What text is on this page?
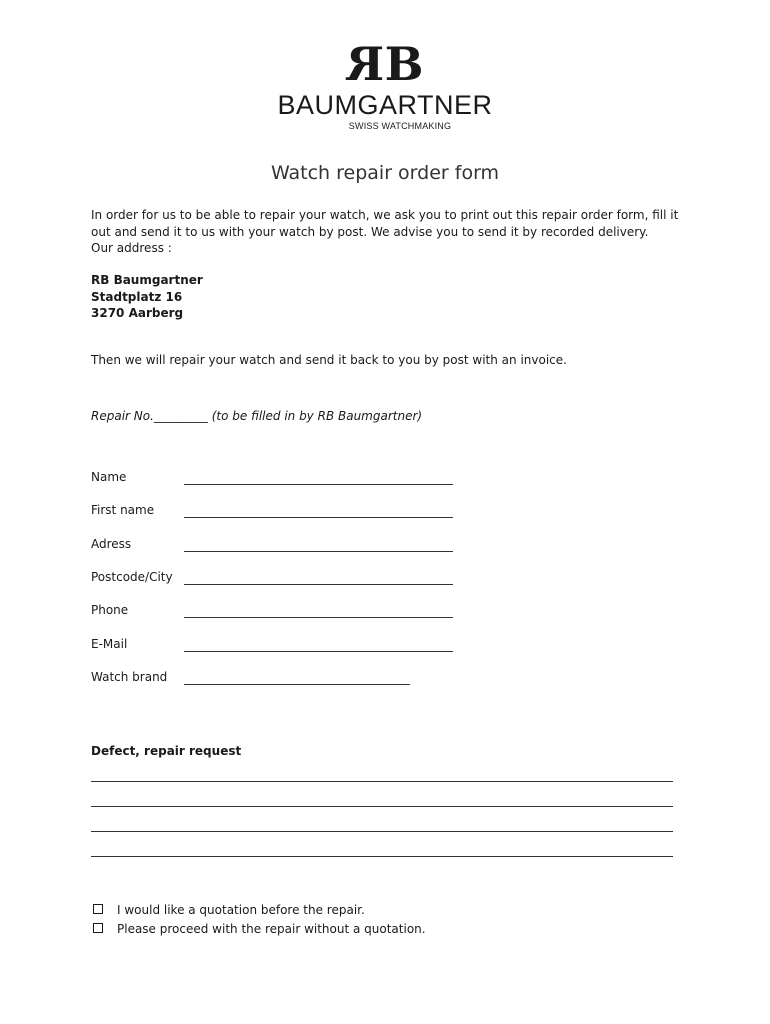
RB
BAUMGARTNER
SWISS WATCHMAKING
Watch repair order form
In order for us to be able to repair your watch, we ask you to print out this repair order form, fill it
out and send it to us with your watch by post. We advise you to send it by recorded delivery.
Our address :
RB Baumgartner
Stadtplatz 16
3270 Aarberg
Then we will repair your watch and send it back to you by post with an invoice.
Repair No._________ (to be filled in by RB Baumgartner)
Name
First name
Adress
Postcode/City
Phone
E-Mail
Watch brand
Defect, repair request
I would like a quotation before the repair.
Please proceed with the repair without a quotation.
